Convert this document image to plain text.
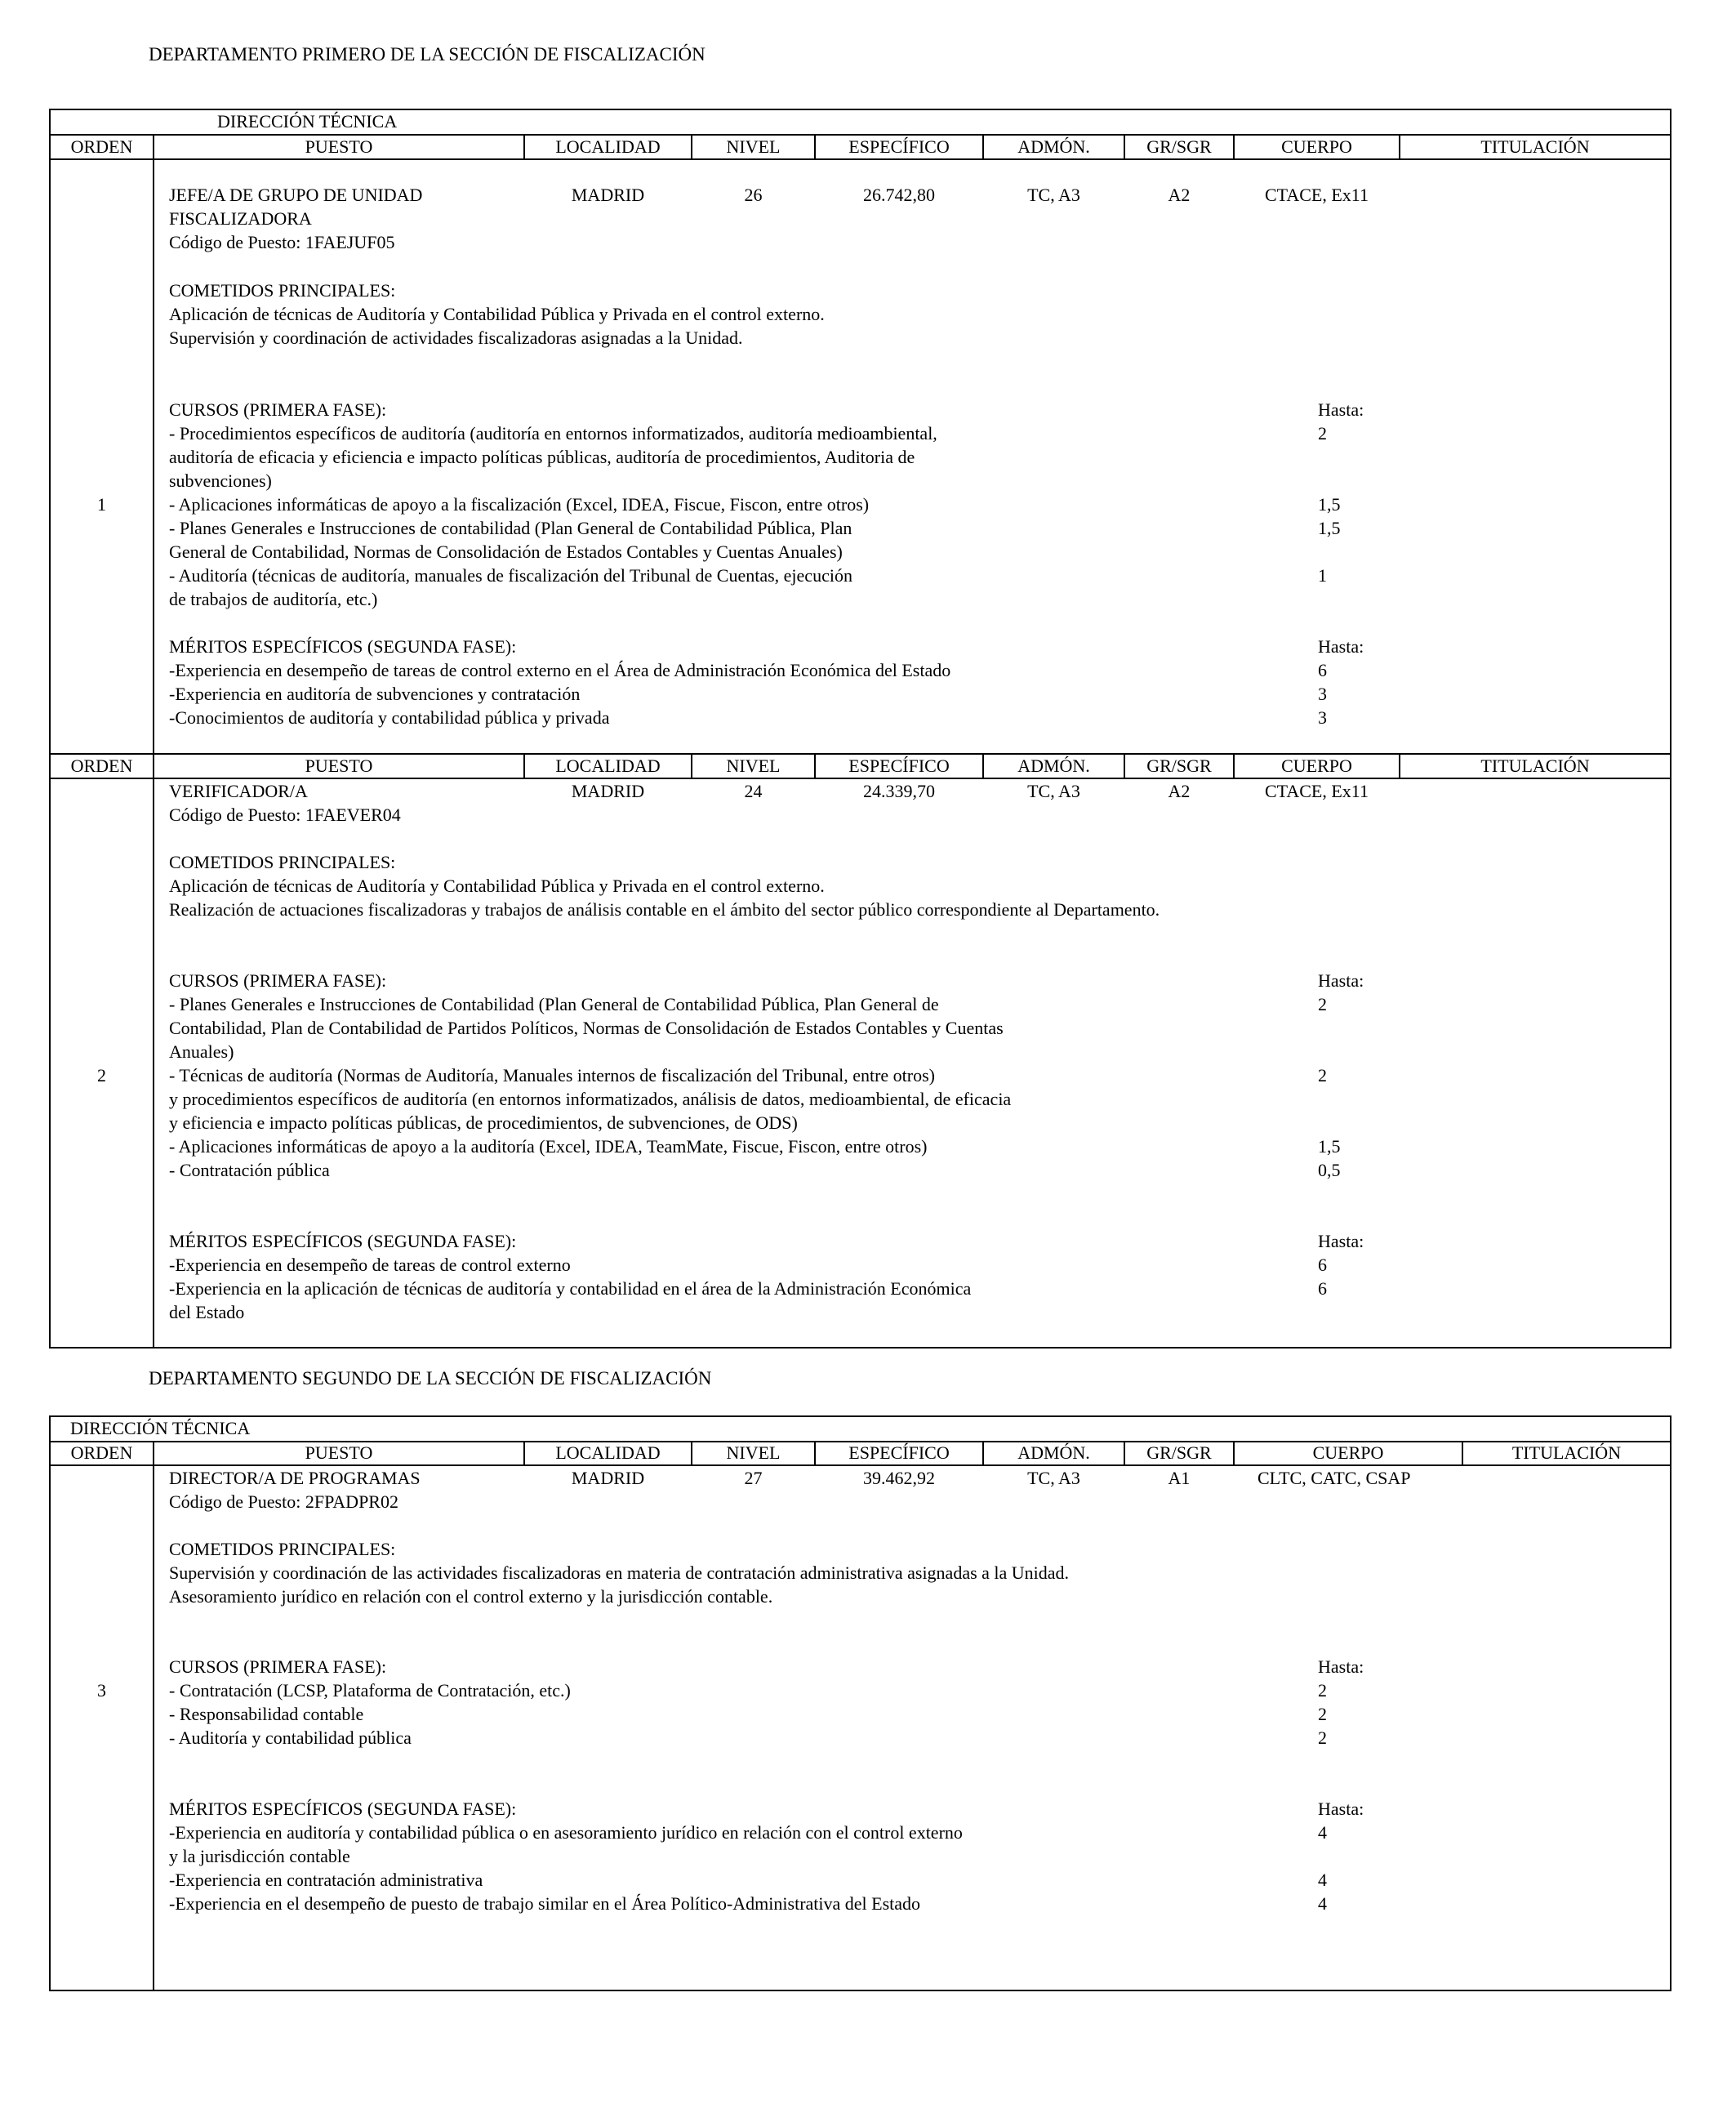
DEPARTAMENTO PRIMERO DE LA SECCIÓN DE FISCALIZACIÓN
DIRECCIÓN TÉCNICA
ORDEN	PUESTO	LOCALIDAD	NIVEL	ESPECÍFICO	ADMÓN.	GR/SGR	CUERPO	TITULACIÓN
1
JEFE/A DE GRUPO DE UNIDAD
FISCALIZADORA
Código de Puesto: 1FAEJUF05
MADRID	26	26.742,80	TC, A3	A2	CTACE, Ex11
COMETIDOS PRINCIPALES:
Aplicación de técnicas de Auditoría y Contabilidad Pública y Privada en el control externo.
Supervisión y coordinación de actividades fiscalizadoras asignadas a la Unidad.
CURSOS (PRIMERA FASE):	Hasta:
- Procedimientos específicos de auditoría (auditoría en entornos informatizados, auditoría medioambiental,	2
auditoría de eficacia y eficiencia e impacto políticas públicas, auditoría de procedimientos, Auditoria de
subvenciones)
- Aplicaciones informáticas de apoyo a la fiscalización (Excel, IDEA, Fiscue, Fiscon, entre otros)	1,5
- Planes Generales e Instrucciones de contabilidad (Plan General de Contabilidad Pública, Plan	1,5
General de Contabilidad, Normas de Consolidación de Estados Contables y Cuentas Anuales)
- Auditoría (técnicas de auditoría, manuales de fiscalización del Tribunal de Cuentas, ejecución	1
de trabajos de auditoría, etc.)
MÉRITOS ESPECÍFICOS (SEGUNDA FASE):	Hasta:
-Experiencia en desempeño de tareas de control externo en el Área de Administración Económica del Estado	6
-Experiencia en auditoría de subvenciones y contratación	3
-Conocimientos de auditoría y contabilidad pública y privada	3
ORDEN	PUESTO	LOCALIDAD	NIVEL	ESPECÍFICO	ADMÓN.	GR/SGR	CUERPO	TITULACIÓN
2
VERIFICADOR/A
Código de Puesto: 1FAEVER04
MADRID	24	24.339,70	TC, A3	A2	CTACE, Ex11
COMETIDOS PRINCIPALES:
Aplicación de técnicas de Auditoría y Contabilidad Pública y Privada en el control externo.
Realización de actuaciones fiscalizadoras y trabajos de análisis contable en el ámbito del sector público correspondiente al Departamento.
CURSOS (PRIMERA FASE):	Hasta:
- Planes Generales e Instrucciones de Contabilidad (Plan General de Contabilidad Pública, Plan General de	2
Contabilidad, Plan de Contabilidad de Partidos Políticos, Normas de Consolidación de Estados Contables y Cuentas
Anuales)
- Técnicas de auditoría (Normas de Auditoría, Manuales internos de fiscalización del Tribunal, entre otros)	2
y procedimientos específicos de auditoría (en entornos informatizados, análisis de datos, medioambiental, de eficacia
y eficiencia e impacto políticas públicas, de procedimientos, de subvenciones, de ODS)
- Aplicaciones informáticas de apoyo a la auditoría (Excel, IDEA, TeamMate, Fiscue, Fiscon, entre otros)	1,5
- Contratación pública	0,5
MÉRITOS ESPECÍFICOS (SEGUNDA FASE):	Hasta:
-Experiencia en desempeño de tareas de control externo	6
-Experiencia en la aplicación de técnicas de auditoría y contabilidad en el área de la Administración Económica	6
del Estado
DEPARTAMENTO SEGUNDO DE LA SECCIÓN DE FISCALIZACIÓN
DIRECCIÓN TÉCNICA
ORDEN	PUESTO	LOCALIDAD	NIVEL	ESPECÍFICO	ADMÓN.	GR/SGR	CUERPO	TITULACIÓN
3
DIRECTOR/A DE PROGRAMAS
Código de Puesto: 2FPADPR02
MADRID	27	39.462,92	TC, A3	A1	CLTC, CATC, CSAP
COMETIDOS PRINCIPALES:
Supervisión y coordinación de las actividades fiscalizadoras en materia de contratación administrativa asignadas a la Unidad.
Asesoramiento jurídico en relación con el control externo y la jurisdicción contable.
CURSOS (PRIMERA FASE):	Hasta:
- Contratación (LCSP, Plataforma de Contratación, etc.)	2
- Responsabilidad contable	2
- Auditoría y contabilidad pública	2
MÉRITOS ESPECÍFICOS (SEGUNDA FASE):	Hasta:
-Experiencia en auditoría y contabilidad pública o en asesoramiento jurídico en relación con el control externo	4
y la jurisdicción contable
-Experiencia en contratación administrativa	4
-Experiencia en el desempeño de puesto de trabajo similar en el Área Político-Administrativa del Estado	4
